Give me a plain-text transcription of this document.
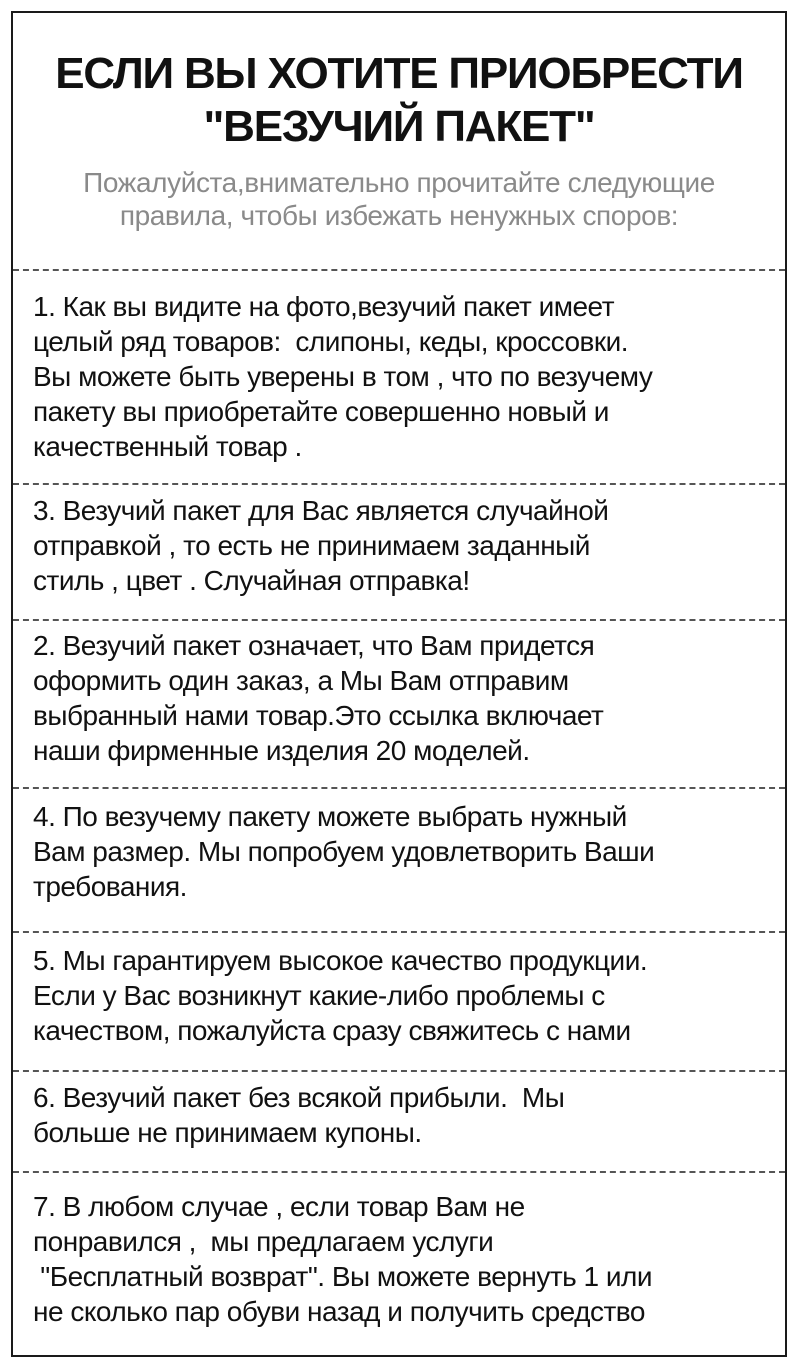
ЕСЛИ ВЫ ХОТИТЕ ПРИОБРЕСТИ
"ВЕЗУЧИЙ ПАКЕТ"
Пожалуйста,внимательно прочитайте следующие
правила, чтобы избежать ненужных споров:
1. Как вы видите на фото,везучий пакет имеет
целый ряд товаров:  слипоны, кеды, кроссовки.
Вы можете быть уверены в том , что по везучему
пакету вы приобретайте совершенно новый и
качественный товар .
3. Везучий пакет для Вас является случайной
отправкой , то есть не принимаем заданный
стиль , цвет . Случайная отправка!
2. Везучий пакет означает, что Вам придется
оформить один заказ, а Мы Вам отправим
выбранный нами товар.Это ссылка включает
наши фирменные изделия 20 моделей.
4. По везучему пакету можете выбрать нужный
Вам размер. Мы попробуем удовлетворить Ваши
требования.
5. Мы гарантируем высокое качество продукции.
Если у Вас возникнут какие-либо проблемы с
качеством, пожалуйста сразу свяжитесь с нами
6. Везучий пакет без всякой прибыли.  Мы
больше не принимаем купоны.
7. В любом случае , если товар Вам не
понравился ,  мы предлагаем услуги
"Бесплатный возврат". Вы можете вернуть 1 или
не сколько пар обуви назад и получить средство
